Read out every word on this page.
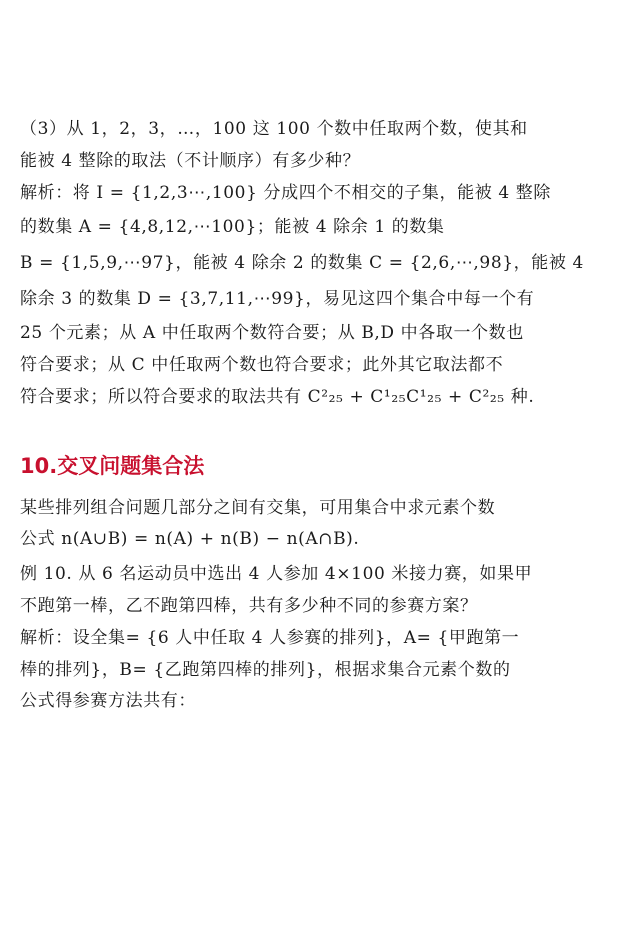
（3）从 1，2，3，…，100 这 100 个数中任取两个数，使其和
能被 4 整除的取法（不计顺序）有多少种？
解析：将 I = {1,2,3⋯,100} 分成四个不相交的子集，能被 4 整除
的数集 A = {4,8,12,⋯100}；能被 4 除余 1 的数集
B = {1,5,9,⋯97}，能被 4 除余 2 的数集 C = {2,6,⋯,98}，能被 4
除余 3 的数集 D = {3,7,11,⋯99}，易见这四个集合中每一个有
25 个元素；从 A 中任取两个数符合要；从 B,D 中各取一个数也
符合要求；从 C 中任取两个数也符合要求；此外其它取法都不
符合要求；所以符合要求的取法共有 C²₂₅ + C¹₂₅C¹₂₅ + C²₂₅ 种.
10.交叉问题集合法
某些排列组合问题几部分之间有交集，可用集合中求元素个数
公式 n(A∪B) = n(A) + n(B) − n(A∩B).
例 10. 从 6 名运动员中选出 4 人参加 4×100 米接力赛，如果甲
不跑第一棒，乙不跑第四棒，共有多少种不同的参赛方案？
解析：设全集= {6 人中任取 4 人参赛的排列}，A= {甲跑第一
棒的排列}，B= {乙跑第四棒的排列}，根据求集合元素个数的
公式得参赛方法共有：
